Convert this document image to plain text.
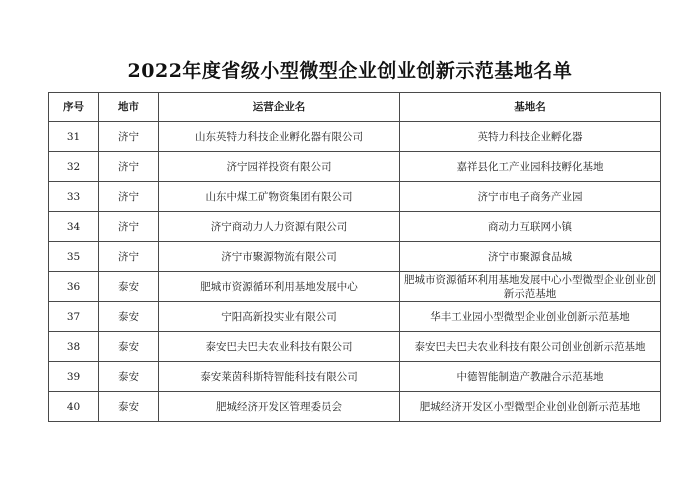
2022年度省级小型微型企业创业创新示范基地名单
序号	地市	运营企业名	基地名
31	济宁	山东英特力科技企业孵化器有限公司	英特力科技企业孵化器
32	济宁	济宁园祥投资有限公司	嘉祥县化工产业园科技孵化基地
33	济宁	山东中煤工矿物资集团有限公司	济宁市电子商务产业园
34	济宁	济宁商动力人力资源有限公司	商动力互联网小镇
35	济宁	济宁市聚源物流有限公司	济宁市聚源食品城
36	泰安	肥城市资源循环利用基地发展中心	肥城市资源循环利用基地发展中心小型微型企业创业创新示范基地
37	泰安	宁阳高新投实业有限公司	华丰工业园小型微型企业创业创新示范基地
38	泰安	泰安巴夫巴夫农业科技有限公司	泰安巴夫巴夫农业科技有限公司创业创新示范基地
39	泰安	泰安莱茵科斯特智能科技有限公司	中德智能制造产教融合示范基地
40	泰安	肥城经济开发区管理委员会	肥城经济开发区小型微型企业创业创新示范基地
